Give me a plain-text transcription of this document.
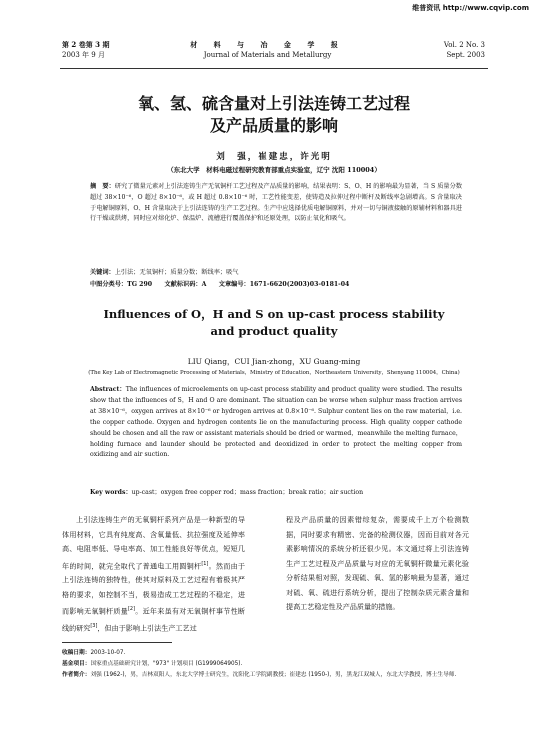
维普资讯 http://www.cqvip.com
第 2 卷第 3 期
2003 年 9 月
材 料 与 冶 金 学 报
Journal of Materials and Metallurgy
Vol. 2 No. 3
Sept. 2003
氧、氢、硫含量对上引法连铸工艺过程
及产品质量的影响
刘　强，崔建忠，许光明
（东北大学　材料电磁过程研究教育部重点实验室，辽宁 沈阳 110004）
摘　要：研究了微量元素对上引法连铸生产无氧铜杆工艺过程及产品质量的影响，结果表明：S、O、H 的影响最为显著，当 S 质量分数超过 38×10⁻⁶，O 超过 8×10⁻⁶，或 H 超过 0.8×10⁻⁶ 时，工艺性能变差，使铸造及拉伸过程中断杆及断线率急剧增高。S 含量取决于电解铜原料，O、H 含量取决于上引法连铸的生产工艺过程。生产中应选择优质电解铜原料，并对一切与铜液接触的原辅材料和器具进行干燥或烘烤，同时应对熔化炉、保温炉、流槽进行覆盖保护和还原处理，以防止氧化和吸气。
关键词：上引法；无氧铜杆；质量分数；断线率；吸气
中图分类号：TG 290　　文献标识码：A　　文章编号：1671-6620(2003)03-0181-04
Influences of O，H and S on up-cast process stability
and product quality
LIU Qiang，CUI Jian-zhong，XU Guang-ming
(The Key Lab of Electromagnetic Processing of Materials，Ministry of Education，Northeastern University，Shenyang 110004，China)
Abstract：The influences of microelements on up-cast process stability and product quality were studied. The results show that the influences of S，H and O are dominant. The situation can be worse when sulphur mass fraction arrives at 38×10⁻⁶，oxygen arrives at 8×10⁻⁶ or hydrogen arrives at 0.8×10⁻⁶. Sulphur content lies on the raw material，i.e. the copper cathode. Oxygen and hydrogen contents lie on the manufacturing process. High quality copper cathode should be chosen and all the raw or assistant materials should be dried or warmed，meanwhile the melting furnace，holding furnace and launder should be protected and deoxidized in order to protect the melting copper from oxidizing and air suction.
Key words：up-cast；oxygen free copper rod；mass fraction；break ratio；air suction
上引法连铸生产的无氧铜杆系列产品是一种新型的导体用材料，它具有纯度高、含氧量低、抗拉强度及延伸率高、电阻率低、导电率高、加工性能良好等优点，短短几年的时间，就完全取代了普通电工用圆铜杆[1]。然而由于上引法连铸的独特性，使其对原料及工艺过程有着极其严格的要求，如控制不当，极易造成工艺过程的不稳定，进而影响无氧铜杆质量[2]。近年来虽有对无氧铜杆事节性断线的研究[3]，但由于影响上引法生产工艺过
程及产品质量的因素错综复杂，需要成千上万个检测数据，同时要求有精密、完备的检测仪器，因而目前对各元素影响情况的系统分析还很少见。本文通过将上引法连铸生产工艺过程及产品质量与对应的无氧铜杆微量元素化验分析结果相对照，发现硫、氧、氢的影响最为显著，通过对硫、氧、硫进行系统分析，提出了控制杂质元素含量和提高工艺稳定性及产品质量的措施。
收稿日期：2003-10-07.
基金项目：国家重点基础研究计划，"973" 计划项目 (G1999064905).
作者简介：刘强 (1962-)，男，吉林双阳人，东北大学博士研究生，沈阳化工学院副教授；崔建忠 (1950-)，男，黑龙江双城人，东北大学教授，博士生导师.
